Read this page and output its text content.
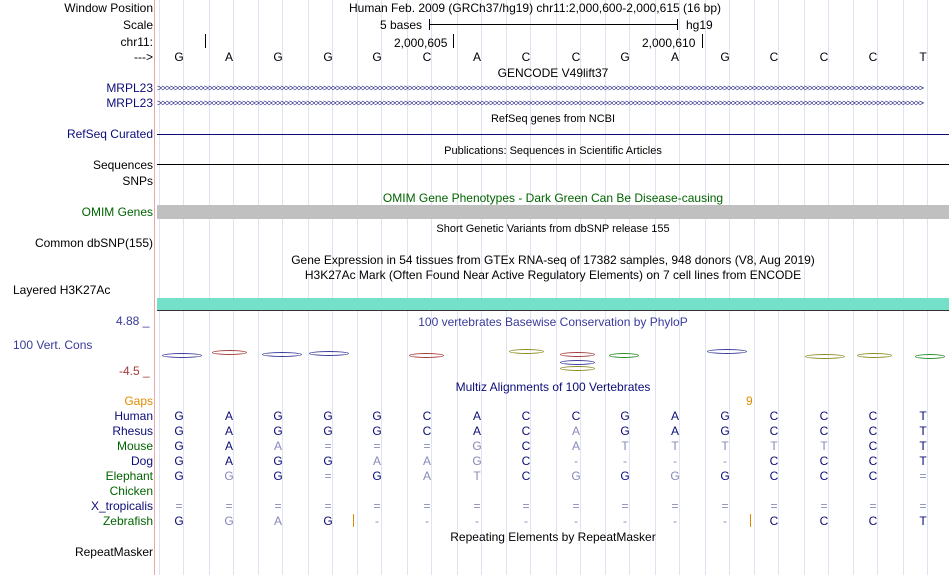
Window Position	Human Feb. 2009 (GRCh37/hg19) chr11:2,000,600-2,000,615 (16 bp)
Scale	5 bases	hg19
chr11:	2,000,605	2,000,610
--->	G	A	G	G	G	C	A	C	C	G	A	G	C	C	C	T
GENCODE V49lift37
MRPL23 >>>>>>>>>>>>>>>>>>>>>>>>>>>>>>>>>>>>>>>>>>>>>>>>>>>>>>>>>>>>>>>>>>>>>>>>>>>>>>>>>>>>>>>>>>>>>>>>>>>>>>>>>>>>>>>>>>>>>>>>>>>>>>>>>>>>>>>>>>>>>>>>>>>>>>>>>>>>>>>>>>>>>>>>>>>>>>>>>>>>
MRPL23 >>>>>>>>>>>>>>>>>>>>>>>>>>>>>>>>>>>>>>>>>>>>>>>>>>>>>>>>>>>>>>>>>>>>>>>>>>>>>>>>>>>>>>>>>>>>>>>>>>>>>>>>>>>>>>>>>>>>>>>>>>>>>>>>>>>>>>>>>>>>>>>>>>>>>>>>>>>>>>>>>>>>>>>>>>>>>>>>>>>>
RefSeq genes from NCBI
RefSeq Curated
Publications: Sequences in Scientific Articles
Sequences
SNPs
OMIM Gene Phenotypes - Dark Green Can Be Disease-causing
OMIM Genes
Short Genetic Variants from dbSNP release 155
Common dbSNP(155)
Gene Expression in 54 tissues from GTEx RNA-seq of 17382 samples, 948 donors (V8, Aug 2019)
H3K27Ac Mark (Often Found Near Active Regulatory Elements) on 7 cell lines from ENCODE
Layered H3K27Ac
4.88 _	100 vertebrates Basewise Conservation by PhyloP
100 Vert. Cons
-4.5 _
Multiz Alignments of 100 Vertebrates
Gaps	9
Human	G	A	G	G	G	C	A	C	C	G	A	G	C	C	C	T
Rhesus	G	A	G	G	G	C	A	C	A	G	A	G	C	C	C	T
Mouse	G	A	A	=	=	=	G	C	A	T	T	T	T	T	C	T
Dog	G	A	G	G	A	A	G	C	-	-	-	-	C	C	C	T
Elephant	G	G	G	=	G	A	T	C	G	G	G	G	C	C	C	=
Chicken
X_tropicalis	=	=	=	=	=	=	=	=	=	=	=	=	=	=	=	=
Zebrafish	G	G	A	G	-	-	-	-	-	-	-	-	C	C	C	T
Repeating Elements by RepeatMasker
RepeatMasker
